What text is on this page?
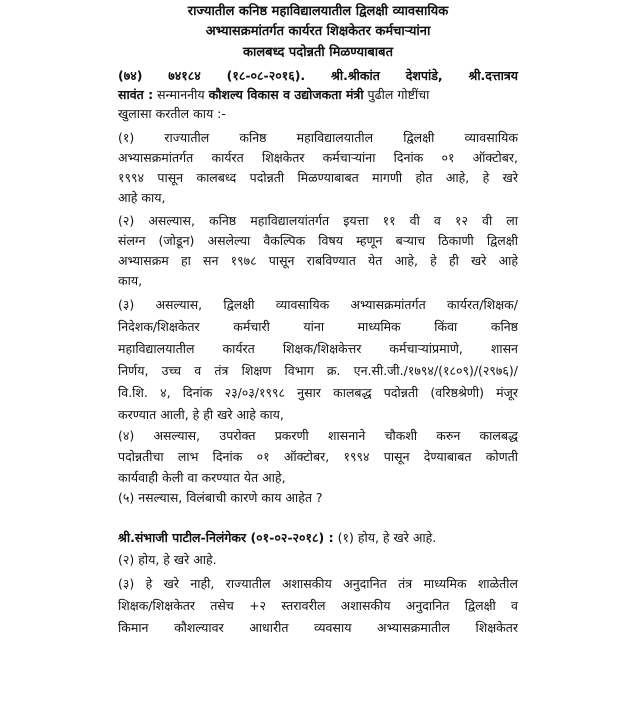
राज्यातील कनिष्ठ महाविद्यालयातील द्विलक्षी व्यावसायिक
अभ्यासक्रमांतर्गत कार्यरत शिक्षकेतर कर्मचाऱ्यांना
कालबध्द पदोन्नती मिळण्याबाबत
(७४) ७४१८४ (१८-०८-२०१६). श्री.श्रीकांत देशपांडे, श्री.दत्तात्रय
सावंत : सन्माननीय कौशल्य विकास व उद्योजकता मंत्री पुढील गोष्टींचा
खुलासा करतील काय :-
(१) राज्यातील कनिष्ठ महाविद्यालयातील द्विलक्षी व्यावसायिक
अभ्यासक्रमांतर्गत कार्यरत शिक्षकेतर कर्मचाऱ्यांना दिनांक ०१ ऑक्टोबर,
१९९४ पासून कालबध्द पदोन्नती मिळण्याबाबत मागणी होत आहे, हे खरे
आहे काय,
(२) असल्यास, कनिष्ठ महाविद्यालयांतर्गत इयत्ता ११ वी व १२ वी ला
संलग्न (जोडून) असलेल्या वैकल्पिक विषय म्हणून बऱ्याच ठिकाणी द्विलक्षी
अभ्यासक्रम हा सन १९७८ पासून राबविण्यात येत आहे, हे ही खरे आहे
काय,
(३) असल्यास, द्विलक्षी व्यावसायिक अभ्यासक्रमांतर्गत कार्यरत/शिक्षक/
निदेशक/शिक्षकेतर कर्मचारी यांना माध्यमिक किंवा कनिष्ठ
महाविद्यालयातील कार्यरत शिक्षक/शिक्षकेत्तर कर्मचाऱ्यांप्रमाणे, शासन
निर्णय, उच्च व तंत्र शिक्षण विभाग क्र. एन.सी.जी./१७९४/(१८०९)/(२९७६)/
वि.शि. ४, दिनांक २३/०३/१९९८ नुसार कालबद्ध पदोन्नती (वरिष्ठश्रेणी) मंजूर
करण्यात आली, हे ही खरे आहे काय,
(४) असल्यास, उपरोक्त प्रकरणी शासनाने चौकशी करुन कालबद्ध
पदोन्नतीचा लाभ दिनांक ०१ ऑक्टोबर, १९९४ पासून देण्याबाबत कोणती
कार्यवाही केली वा करण्यात येत आहे,
(५) नसल्यास, विलंबाची कारणे काय आहेत ?
श्री.संभाजी पाटील-निलंगेकर (०१-०२-२०१८) : (१) होय, हे खरे आहे.
(२) होय, हे खरे आहे.
(३) हे खरे नाही, राज्यातील अशासकीय अनुदानित तंत्र माध्यमिक शाळेतील
शिक्षक/शिक्षकेतर तसेच +२ स्तरावरील अशासकीय अनुदानित द्विलक्षी व
किमान कौशल्यावर आधारीत व्यवसाय अभ्यासक्रमातील शिक्षकेतर
